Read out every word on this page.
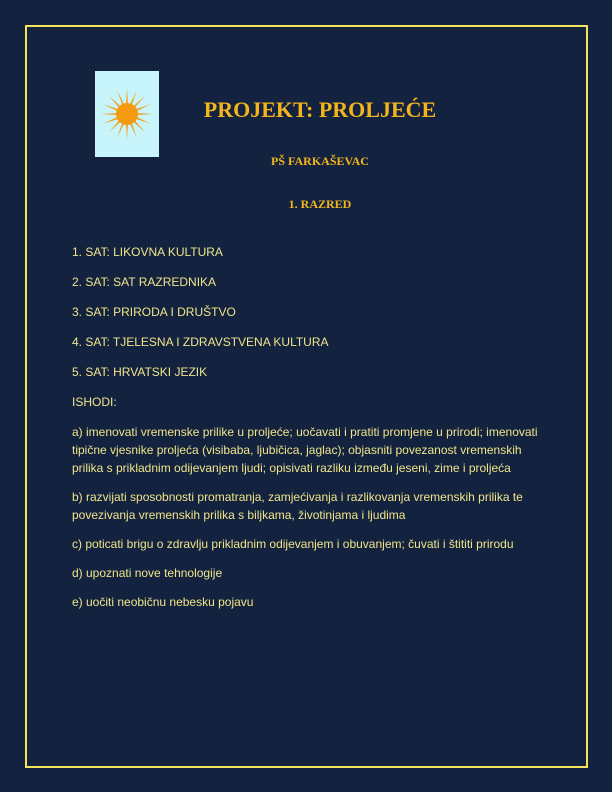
PROJEKT: PROLJEĆE
PŠ FARKAŠEVAC
1. RAZRED

1. SAT: LIKOVNA KULTURA

2. SAT: SAT RAZREDNIKA

3. SAT: PRIRODA I DRUŠTVO

4. SAT: TJELESNA I ZDRAVSTVENA KULTURA

5. SAT: HRVATSKI JEZIK

ISHODI:

a) imenovati vremenske prilike u proljeće; uočavati i pratiti promjene u prirodi; imenovati tipične vjesnike proljeća (visibaba, ljubičica, jaglac); objasniti povezanost vremenskih prilika s prikladnim odijevanjem ljudi; opisivati razliku između jeseni, zime i proljeća

b) razvijati sposobnosti promatranja, zamjećivanja i razlikovanja vremenskih prilika te povezivanja vremenskih prilika s biljkama, životinjama i ljudima

c) poticati brigu o zdravlju prikladnim odijevanjem i obuvanjem; čuvati i štititi prirodu

d) upoznati nove tehnologije

e) uočiti neobičnu nebesku pojavu
